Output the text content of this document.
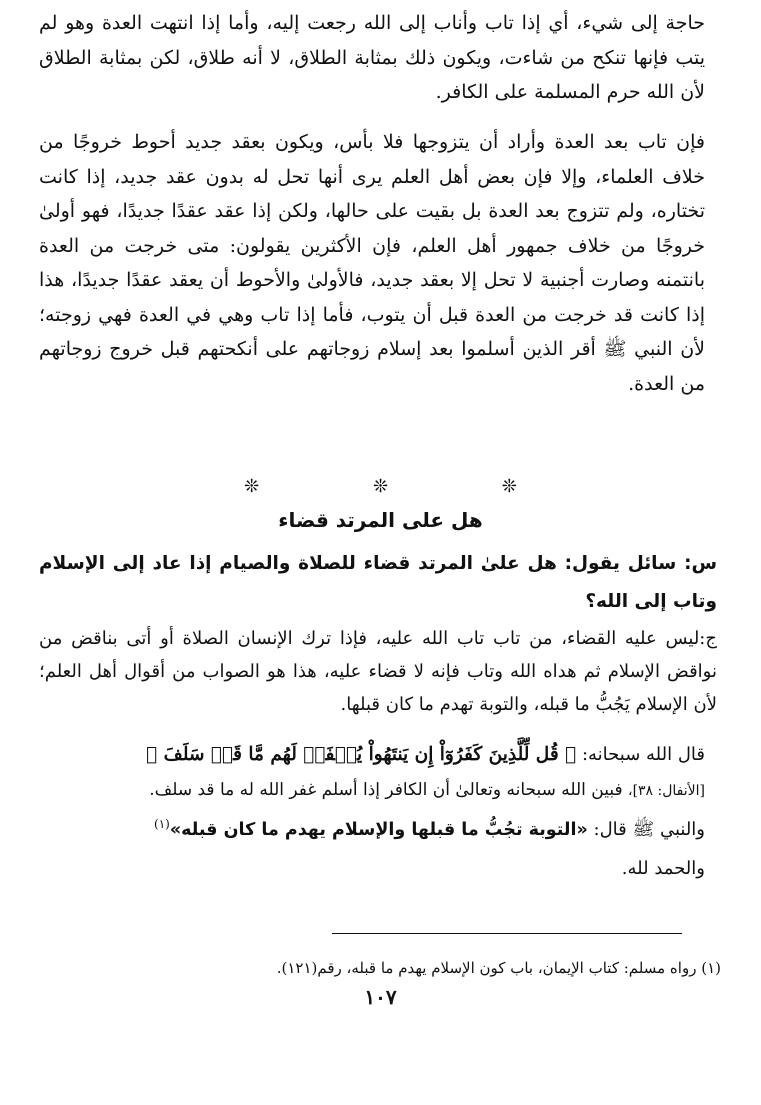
حاجة إلى شيء، أي إذا تاب وأناب إلى الله رجعت إليه، وأما إذا انتهت العدة وهو لم يتب فإنها تنكح من شاءت، ويكون ذلك بمثابة الطلاق، لا أنه طلاق، لكن بمثابة الطلاق لأن الله حرم المسلمة على الكافر.

فإن تاب بعد العدة وأراد أن يتزوجها فلا بأس، ويكون بعقد جديد أحوط خروجًا من خلاف العلماء، وإلا فإن بعض أهل العلم يرى أنها تحل له بدون عقد جديد، إذا كانت تختاره، ولم تتزوج بعد العدة بل بقيت على حالها، ولكن إذا عقد عقدًا جديدًا، فهو أولىٰ خروجًا من خلاف جمهور أهل العلم، فإن الأكثرين يقولون: متى خرجت من العدة بانتمنه وصارت أجنبية لا تحل إلا بعقد جديد، فالأولىٰ والأحوط أن يعقد عقدًا جديدًا، هذا إذا كانت قد خرجت من العدة قبل أن يتوب، فأما إذا تاب وهي في العدة فهي زوجته؛ لأن النبي ﷺ أقر الذين أسلموا بعد إسلام زوجاتهم على أنكحتهم قبل خروج زوجاتهم من العدة.

❊ ❊ ❊
هل على المرتد قضاء

س: سائل يقول: هل علىٰ المرتد قضاء للصلاة والصيام إذا عاد إلى الإسلام وتاب إلى الله؟

ج:ليس عليه القضاء، من تاب تاب الله عليه، فإذا ترك الإنسان الصلاة أو أتى بناقض من نواقض الإسلام ثم هداه الله وتاب فإنه لا قضاء عليه، هذا هو الصواب من أقوال أهل العلم؛ لأن الإسلام يَجُبُّ ما قبله، والتوبة تهدم ما كان قبلها.

قال الله سبحانه: ﴿ قُل لِّلَّذِينَ كَفَرُوٓاْ إِن يَنتَهُواْ يُغۡفَرۡ لَهُم مَّا قَدۡ سَلَفَ ﴾

[الأنفال: ٣٨]، فبين الله سبحانه وتعالىٰ أن الكافر إذا أسلم غفر الله له ما قد سلف.

والنبي ﷺ قال: «التوبة تجُبُّ ما قبلها والإسلام يهدم ما كان قبله»$^{(١)}$

والحمد لله.

(١) رواه مسلم: كتاب الإيمان، باب كون الإسلام يهدم ما قبله، رقم(١٢١).

١٠٧
